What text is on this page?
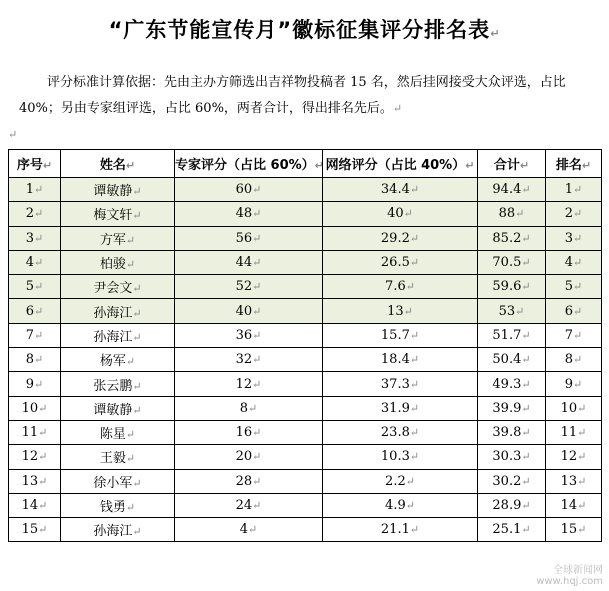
“广东节能宣传月”徽标征集评分排名表↵
评分标准计算依据：先由主办方筛选出吉祥物投稿者 15 名，然后挂网接受大众评选，占比 40%；另由专家组评选，占比 60%，两者合计，得出排名先后。↵
↵
序号↵	姓名↵	专家评分（占比 60%）↵	网络评分（占比 40%）↵	合计↵	排名↵
1↵	谭敏静↵	60↵	34.4↵	94.4↵	1↵
2↵	梅文轩↵	48↵	40↵	88↵	2↵
3↵	方军↵	56↵	29.2↵	85.2↵	3↵
4↵	柏骏↵	44↵	26.5↵	70.5↵	4↵
5↵	尹会文↵	52↵	7.6↵	59.6↵	5↵
6↵	孙海江↵	40↵	13↵	53↵	6↵
7↵	孙海江↵	36↵	15.7↵	51.7↵	7↵
8↵	杨军↵	32↵	18.4↵	50.4↵	8↵
9↵	张云鹏↵	12↵	37.3↵	49.3↵	9↵
10↵	谭敏静↵	8↵	31.9↵	39.9↵	10↵
11↵	陈星↵	16↵	23.8↵	39.8↵	11↵
12↵	王毅↵	20↵	10.3↵	30.3↵	12↵
13↵	徐小军↵	28↵	2.2↵	30.2↵	13↵
14↵	钱勇↵	24↵	4.9↵	28.9↵	14↵
15↵	孙海江↵	4↵	21.1↵	25.1↵	15↵
全球新闻网
www.hqj.com
